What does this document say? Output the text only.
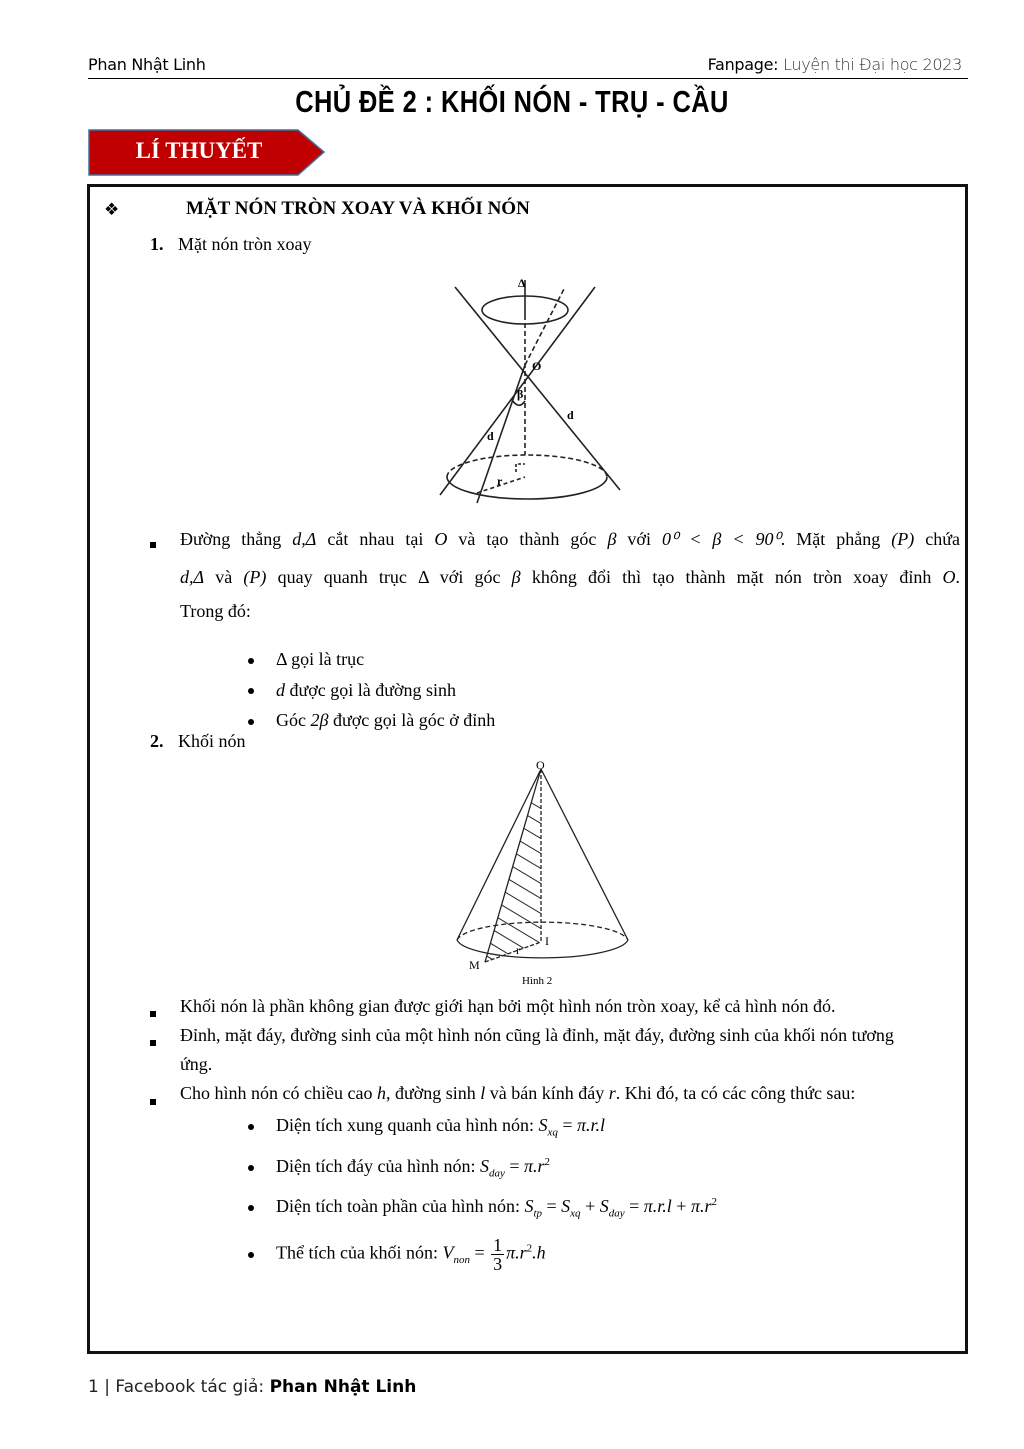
Phan Nhật Linh	Fanpage: Luyện thi Đại học 2023
CHỦ ĐỀ 2 : KHỐI NÓN - TRỤ - CẦU
LÍ THUYẾT
❖	MẶT NÓN TRÒN XOAY VÀ KHỐI NÓN
1. Mặt nón tròn xoay
Δ
O
β
d
d
r
Đường thẳng d,Δ cắt nhau tại O và tạo thành góc β với 0⁰ < β < 90⁰. Mặt phẳng (P) chứa
d,Δ và (P) quay quanh trục Δ với góc β không đổi thì tạo thành mặt nón tròn xoay đỉnh O.
Trong đó:
Δ gọi là trục
d được gọi là đường sinh
Góc 2β được gọi là góc ở đỉnh
2. Khối nón
O
I
M
r
Hình 2
Khối nón là phần không gian được giới hạn bởi một hình nón tròn xoay, kể cả hình nón đó.
Đỉnh, mặt đáy, đường sinh của một hình nón cũng là đỉnh, mặt đáy, đường sinh của khối nón tương
ứng.
Cho hình nón có chiều cao h, đường sinh l và bán kính đáy r. Khi đó, ta có các công thức sau:
Diện tích xung quanh của hình nón: $S_{xq} = \pi.r.l$
Diện tích đáy của hình nón: $S_{day} = \pi.r^2$
Diện tích toàn phần của hình nón: $S_{tp} = S_{xq} + S_{day} = \pi.r.l + \pi.r^2$
Thể tích của khối nón: $V_{non} = \frac{1}{3} \pi.r^2.h$
1 | Facebook tác giả: Phan Nhật Linh
